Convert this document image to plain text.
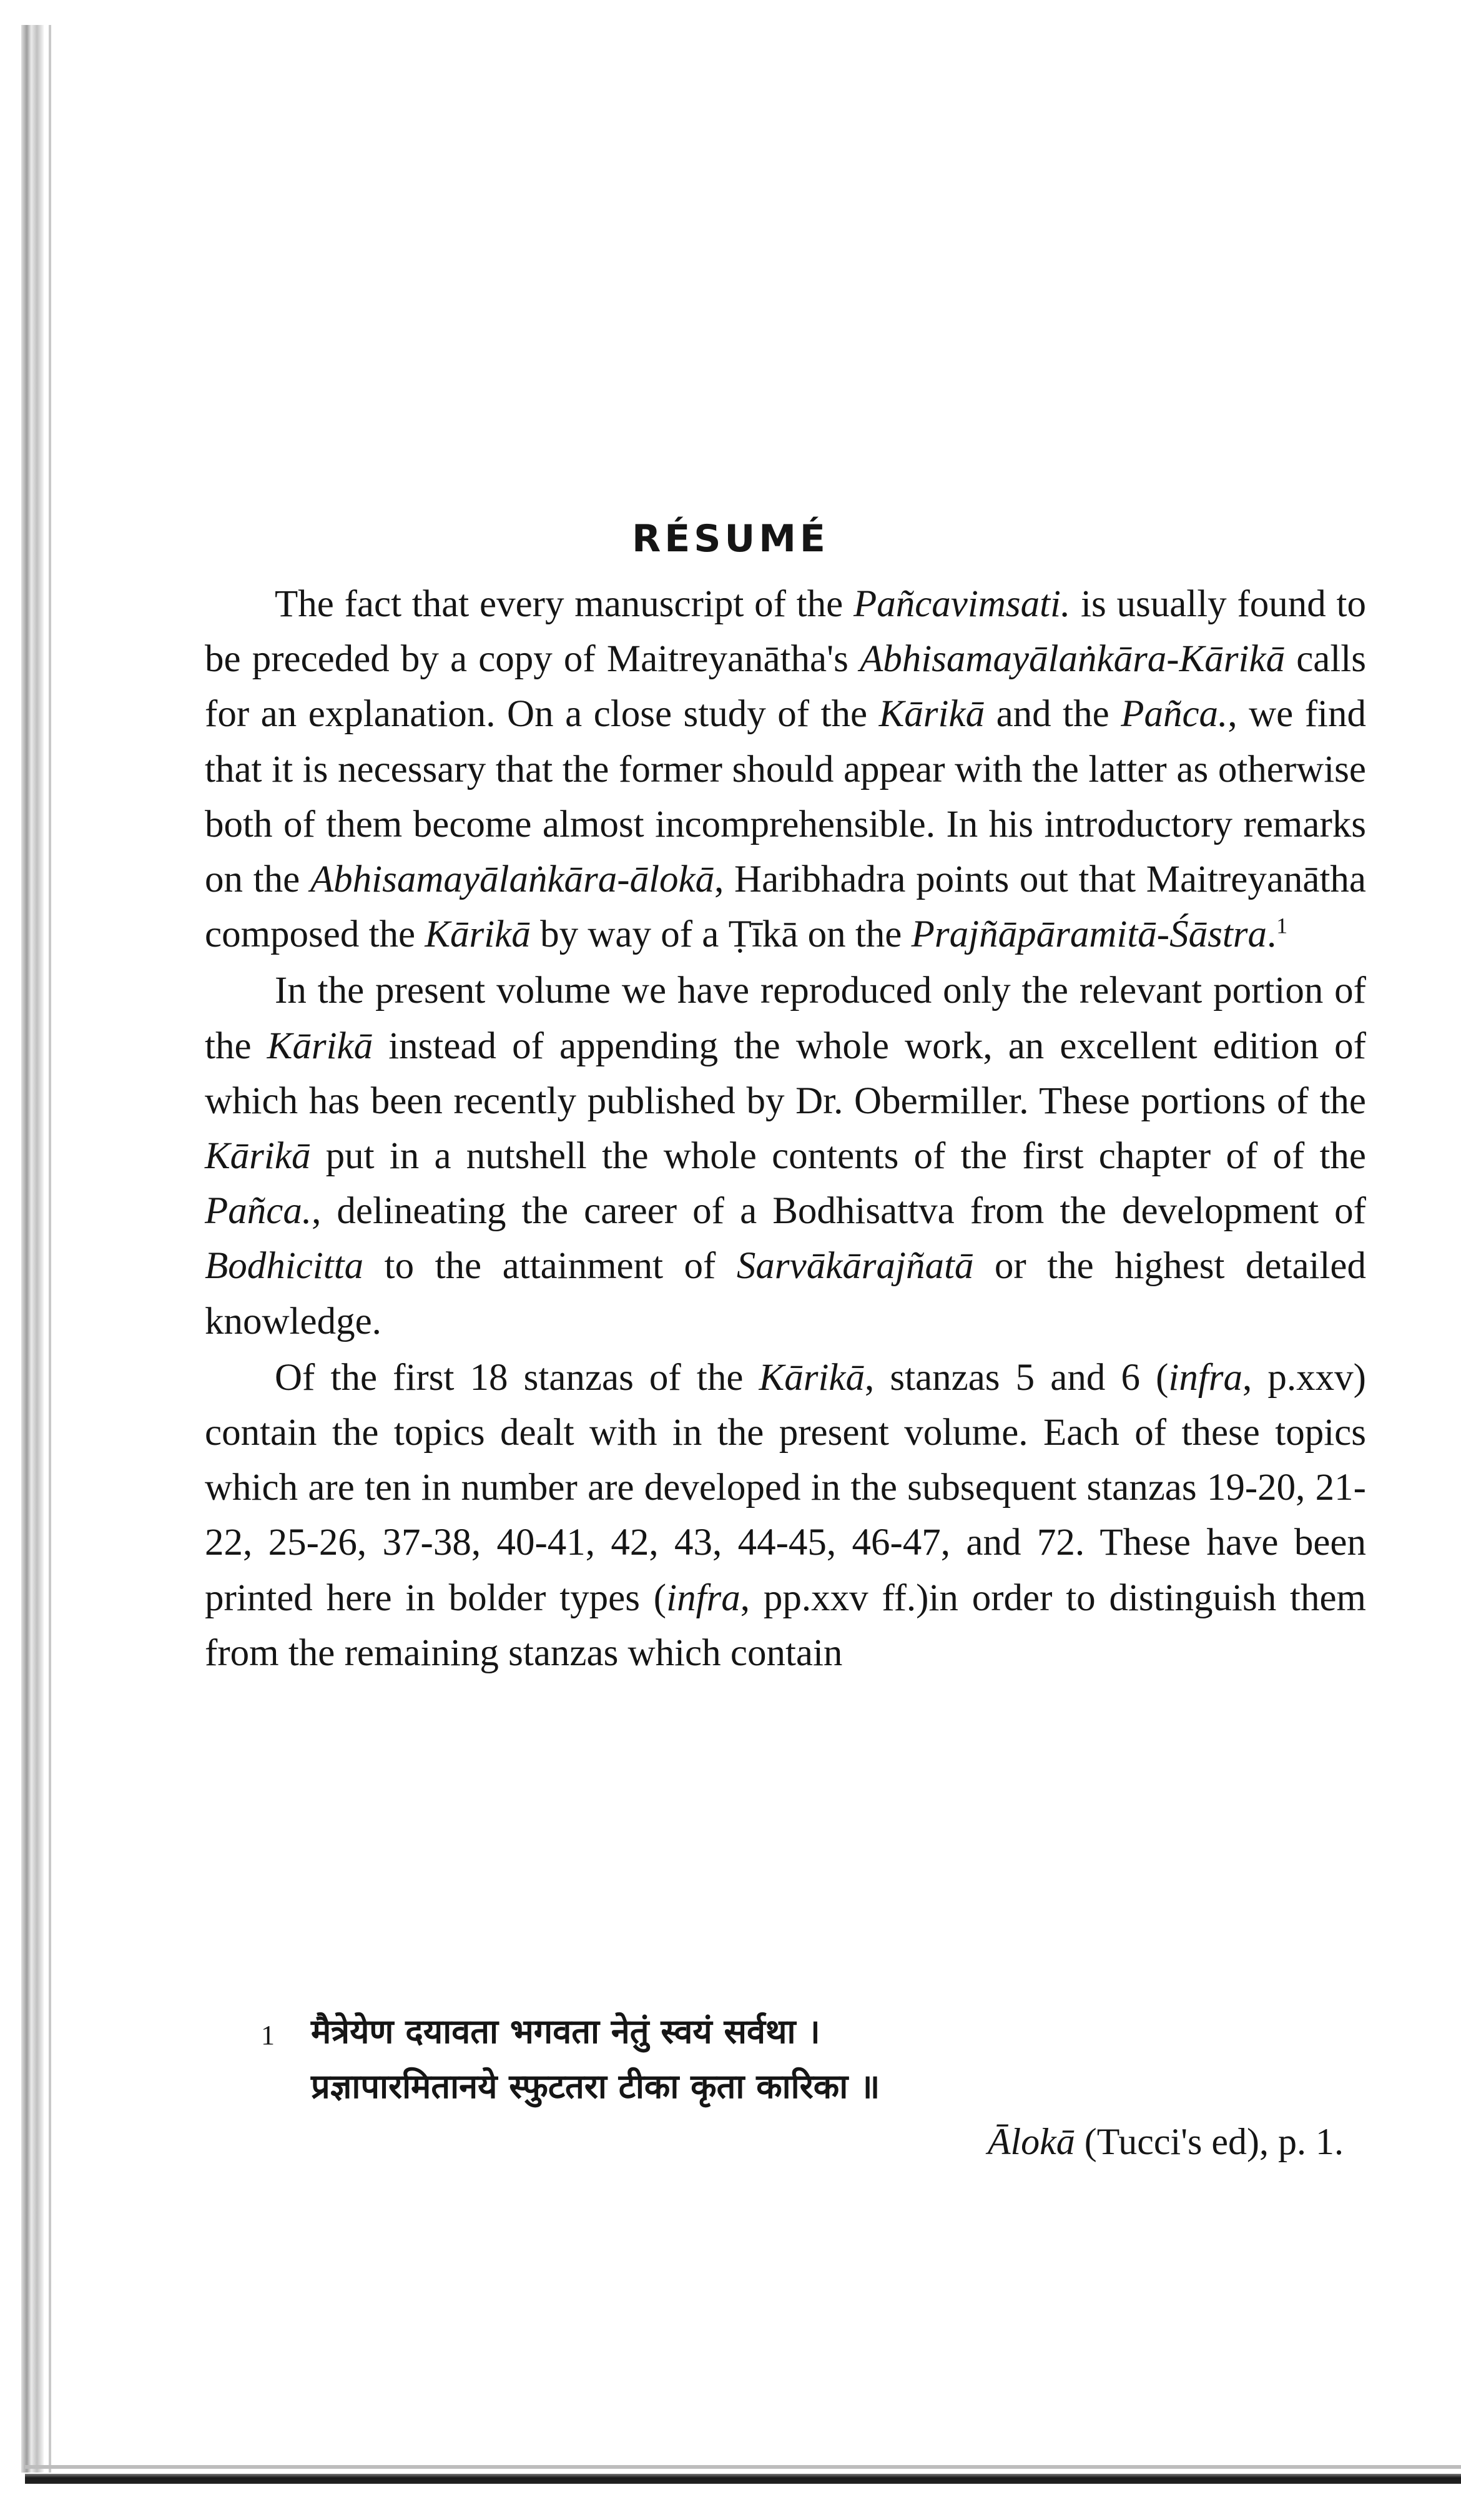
RÉSUMÉ

The fact that every manuscript of the Pañcavimsati. is usually found to be preceded by a copy of Maitreyanātha's Abhisamayālaṅkāra-Kārikā calls for an explanation. On a close study of the Kārikā and the Pañca., we find that it is necessary that the former should appear with the latter as otherwise both of them become almost incomprehensible. In his introductory remarks on the Abhisamayālaṅkāra-ālokā, Haribhadra points out that Maitreyanātha composed the Kārikā by way of a Ṭīkā on the Prajñāpāramitā-Śāstra.$^1$

In the present volume we have reproduced only the relevant portion of the Kārikā instead of appending the whole work, an excellent edition of which has been recently published by Dr. Obermiller. These portions of the Kārikā put in a nutshell the whole contents of the first chapter of of the Pañca., delineating the career of a Bodhisattva from the development of Bodhicitta to the attainment of Sarvākārajñatā or the highest detailed knowledge.

Of the first 18 stanzas of the Kārikā, stanzas 5 and 6 (infra, p.xxv) contain the topics dealt with in the present volume. Each of these topics which are ten in number are developed in the subsequent stanzas 19-20, 21-22, 25-26, 37-38, 40-41, 42, 43, 44-45, 46-47, and 72. These have been printed here in bolder types (infra, pp.xxv ff.)in order to distinguish them from the remaining stanzas which contain

1 मैत्रेयेण दयावता भगवता नेतुं स्वयं सर्वथा ।
प्रज्ञापारमितानये स्फुटतरा टीका कृता कारिका ॥
Ālokā (Tucci's ed), p. 1.
